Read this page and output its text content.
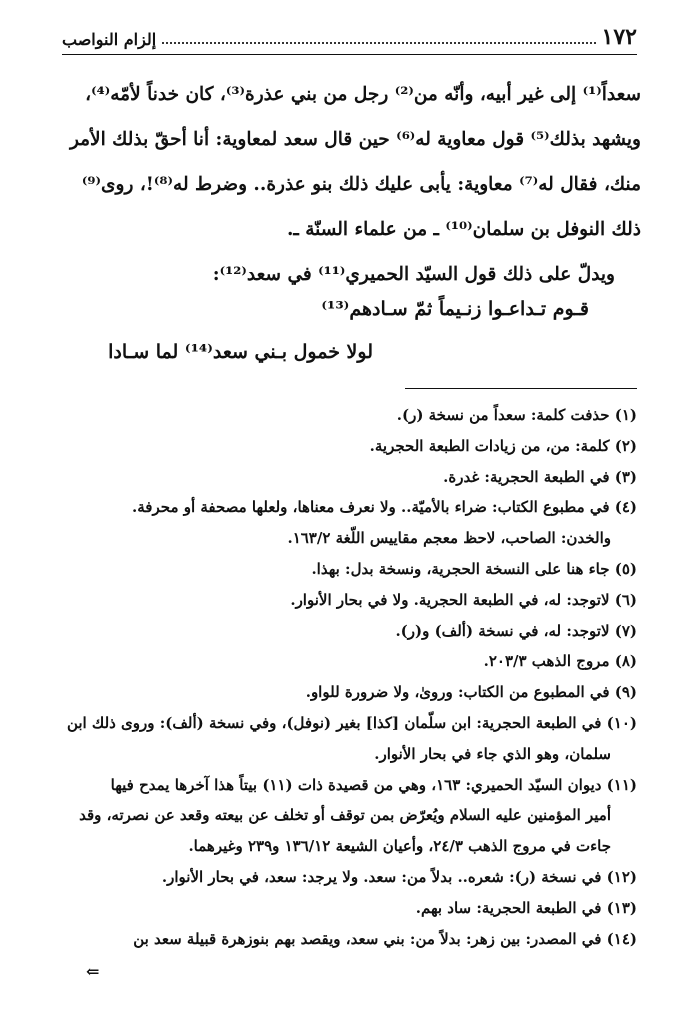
١٧٢
إلزام النواصب

سعداً⁽¹⁾ إلى غير أبيه، وأنّه من⁽²⁾ رجل من بني عذرة⁽³⁾، كان خدناً لأمّه⁽⁴⁾،

ويشهد بذلك⁽⁵⁾ قول معاوية له⁽⁶⁾ حين قال سعد لمعاوية: أنا أحقّ بذلك الأمر

منك، فقال له⁽⁷⁾ معاوية: يأبى عليك ذلك بنو عذرة.. وضرط له⁽⁸⁾!، روى⁽⁹⁾

ذلك النوفل بن سلمان⁽¹⁰⁾ ـ من علماء السنّة ـ.

ويدلّ على ذلك قول السيّد الحميري⁽¹¹⁾ في سعد⁽¹²⁾:

قـوم تـداعـوا زنـيماً ثمّ سـادهم⁽¹³⁾
لولا خمول بـني سعد⁽¹⁴⁾ لما سـادا
(١) حذفت كلمة: سعداً من نسخة (ر).
(٢) كلمة: من، من زيادات الطبعة الحجرية.
(٣) في الطبعة الحجرية: غدرة.
(٤) في مطبوع الكتاب: ضراء بالأميّة.. ولا نعرف معناها، ولعلها مصحفة أو محرفة.
والخدن: الصاحب، لاحظ معجم مقاييس اللّغة ١٦٣/٢.
(٥) جاء هنا على النسخة الحجرية، ونسخة بدل: بهذا.
(٦) لاتوجد: له، في الطبعة الحجرية. ولا في بحار الأنوار.
(٧) لاتوجد: له، في نسخة (ألف) و(ر).
(٨) مروج الذهب ٢٠٣/٣.
(٩) في المطبوع من الكتاب: وروىٰ، ولا ضرورة للواو.
(١٠) في الطبعة الحجرية: ابن سلّمان [كذا] بغير (نوفل)، وفي نسخة (ألف): وروى ذلك ابن
سلمان، وهو الذي جاء في بحار الأنوار.
(١١) ديوان السيّد الحميري: ١٦٣، وهي من قصيدة ذات (١١) بيتاً هذا آخرها يمدح فيها
أمير المؤمنين عليه السلام ويُعرّض بمن توقف أو تخلف عن بيعته وقعد عن نصرته، وقد
جاءت في مروج الذهب ٢٤/٣، وأعيان الشيعة ١٣٦/١٢ و٢٣٩ وغيرهما.
(١٢) في نسخة (ر): شعره.. بدلاً من: سعد. ولا يرجد: سعد، في بحار الأنوار.
(١٣) في الطبعة الحجرية: ساد بهم.
(١٤) في المصدر: بين زهر: بدلاً من: بني سعد، ويقصد بهم بنوزهرة قبيلة سعد بن
⇐
